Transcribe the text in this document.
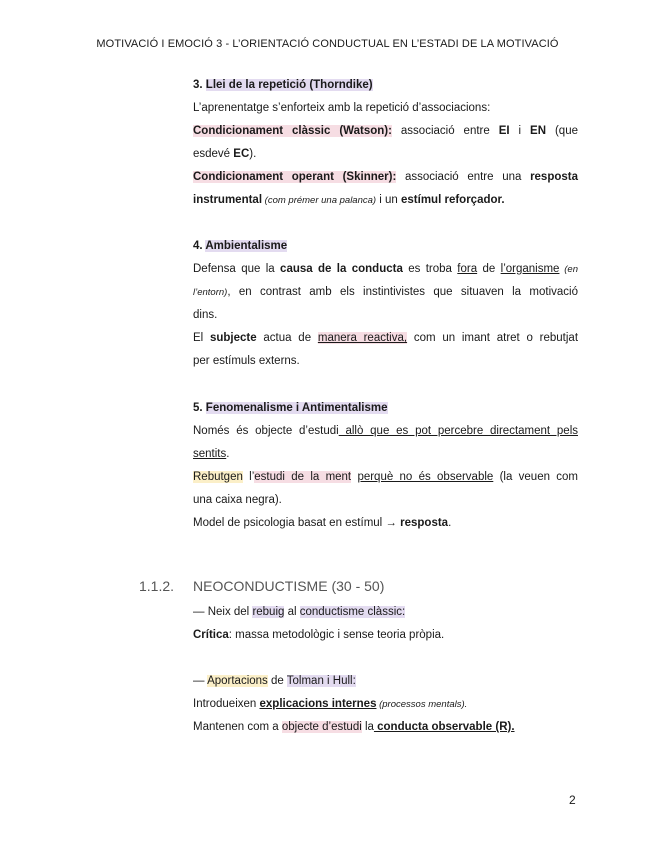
MOTIVACIÓ I EMOCIÓ 3 - L’ORIENTACIÓ CONDUCTUAL EN L’ESTADI DE LA MOTIVACIÓ
3. Llei de la repetició (Thorndike)
L’aprenentatge s’enforteix amb la repetició d’associacions:
Condicionament clàssic (Watson): associació entre EI i EN (que
esdevé EC).
Condicionament operant (Skinner): associació entre una resposta
instrumental (com prémer una palanca) i un estímul reforçador.
4. Ambientalisme
Defensa que la causa de la conducta es troba fora de l’organisme (en
l’entorn), en contrast amb els instintivistes que situaven la motivació
dins.
El subjecte actua de manera reactiva, com un imant atret o rebutjat
per estímuls externs.
5. Fenomenalisme i Antimentalisme
Només és objecte d’estudi allò que es pot percebre directament pels
sentits.
Rebutgen l’estudi de la ment perquè no és observable (la veuen com
una caixa negra).
Model de psicologia basat en estímul → resposta.
1.1.2. NEOCONDUCTISME (30 - 50)
— Neix del rebuig al conductisme clàssic:
Crítica: massa metodològic i sense teoria pròpia.
— Aportacions de Tolman i Hull:
Introdueixen explicacions internes (processos mentals).
Mantenen com a objecte d’estudi la conducta observable (R).
2
